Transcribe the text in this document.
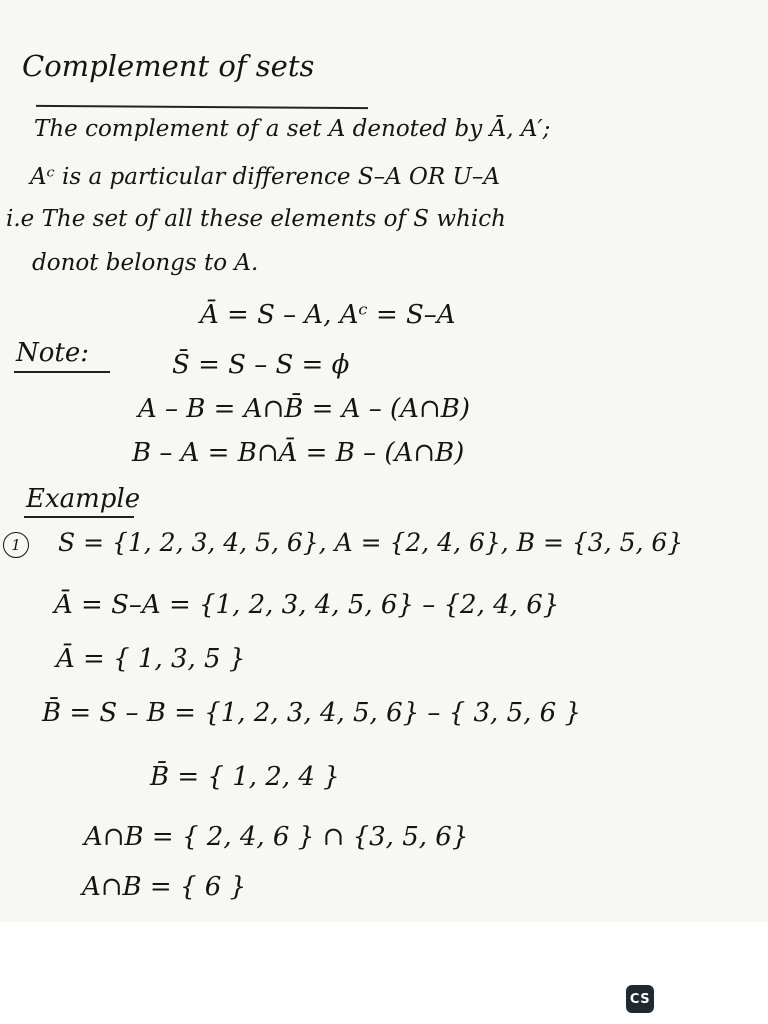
Complement of sets
The complement of a set A denoted by Ā, A′;
Aᶜ is a particular difference S–A OR U–A
i.e The set of all these elements of S which
donot belongs to A.
Ā = S – A, Aᶜ = S–A
Note:	S̄ = S – S = ϕ
A – B = A∩B̄ = A – (A∩B)
B – A = B∩Ā = B – (A∩B)
Example
1	S = {1, 2, 3, 4, 5, 6}, A = {2, 4, 6}, B = {3, 5, 6}
Ā = S–A = {1, 2, 3, 4, 5, 6} – {2, 4, 6}
Ā = { 1, 3, 5 }
B̄ = S – B = {1, 2, 3, 4, 5, 6} – { 3, 5, 6 }
B̄ = { 1, 2, 4 }
A∩B = { 2, 4, 6 } ∩ {3, 5, 6}
A∩B = { 6 }
CS
